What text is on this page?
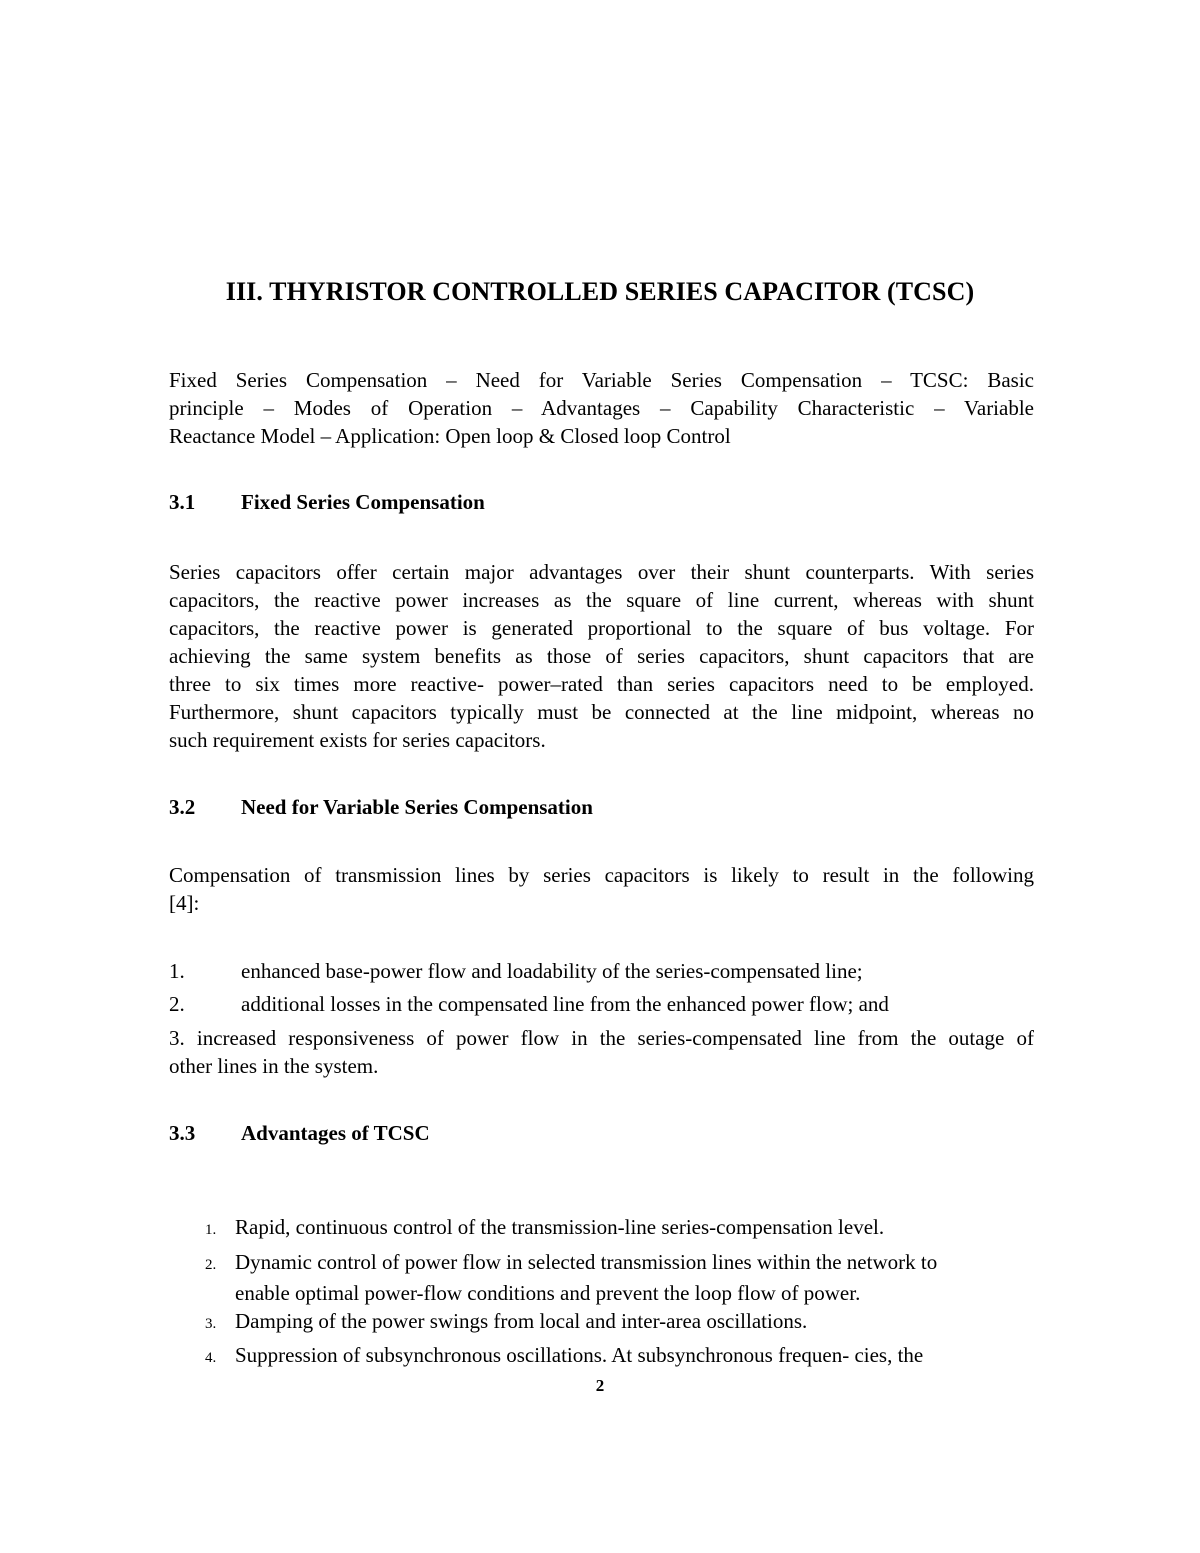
III. THYRISTOR CONTROLLED SERIES CAPACITOR (TCSC)
Fixed Series Compensation – Need for Variable Series Compensation – TCSC: Basic
principle – Modes of Operation – Advantages – Capability Characteristic – Variable
Reactance Model – Application: Open loop & Closed loop Control
3.1 Fixed Series Compensation
Series capacitors offer certain major advantages over their shunt counterparts. With series
capacitors, the reactive power increases as the square of line current, whereas with shunt
capacitors, the reactive power is generated proportional to the square of bus voltage. For
achieving the same system benefits as those of series capacitors, shunt capacitors that are
three to six times more reactive- power–rated than series capacitors need to be employed.
Furthermore, shunt capacitors typically must be connected at the line midpoint, whereas no
such requirement exists for series capacitors.
3.2 Need for Variable Series Compensation
Compensation of transmission lines by series capacitors is likely to result in the following
[4]:
1.	enhanced base-power flow and loadability of the series-compensated line;
2.	additional losses in the compensated line from the enhanced power flow; and
3. increased responsiveness of power flow in the series-compensated line from the outage of
other lines in the system.
3.3 Advantages of TCSC
1. Rapid, continuous control of the transmission-line series-compensation level.
2. Dynamic control of power flow in selected transmission lines within the network to
enable optimal power-flow conditions and prevent the loop flow of power.
3. Damping of the power swings from local and inter-area oscillations.
4. Suppression of subsynchronous oscillations. At subsynchronous frequen- cies, the
2
